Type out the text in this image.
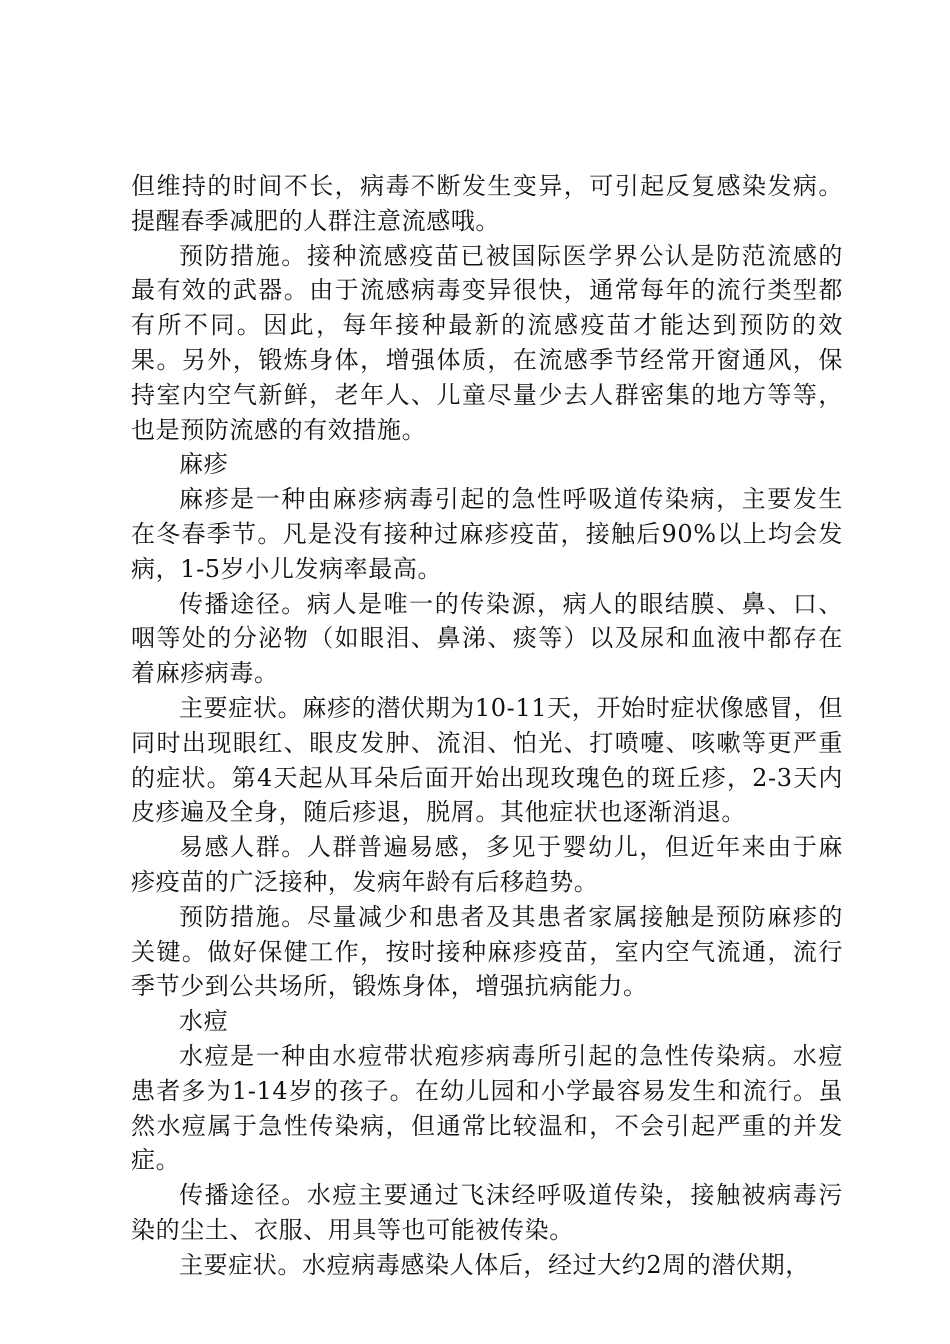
但维持的时间不长，病毒不断发生变异，可引起反复感染发病。提醒春季减肥的人群注意流感哦。

预防措施。接种流感疫苗已被国际医学界公认是防范流感的最有效的武器。由于流感病毒变异很快，通常每年的流行类型都有所不同。因此，每年接种最新的流感疫苗才能达到预防的效果。另外，锻炼身体，增强体质，在流感季节经常开窗通风，保持室内空气新鲜，老年人、儿童尽量少去人群密集的地方等等，也是预防流感的有效措施。

麻疹

麻疹是一种由麻疹病毒引起的急性呼吸道传染病，主要发生在冬春季节。凡是没有接种过麻疹疫苗，接触后90%以上均会发病，1-5岁小儿发病率最高。

传播途径。病人是唯一的传染源，病人的眼结膜、鼻、口、咽等处的分泌物（如眼泪、鼻涕、痰等）以及尿和血液中都存在着麻疹病毒。

主要症状。麻疹的潜伏期为10-11天，开始时症状像感冒，但同时出现眼红、眼皮发肿、流泪、怕光、打喷嚏、咳嗽等更严重的症状。第4天起从耳朵后面开始出现玫瑰色的斑丘疹，2-3天内皮疹遍及全身，随后疹退，脱屑。其他症状也逐渐消退。

易感人群。人群普遍易感，多见于婴幼儿，但近年来由于麻疹疫苗的广泛接种，发病年龄有后移趋势。

预防措施。尽量减少和患者及其患者家属接触是预防麻疹的关键。做好保健工作，按时接种麻疹疫苗，室内空气流通，流行季节少到公共场所，锻炼身体，增强抗病能力。

水痘

水痘是一种由水痘带状疱疹病毒所引起的急性传染病。水痘患者多为1-14岁的孩子。在幼儿园和小学最容易发生和流行。虽然水痘属于急性传染病，但通常比较温和，不会引起严重的并发症。

传播途径。水痘主要通过飞沫经呼吸道传染，接触被病毒污染的尘土、衣服、用具等也可能被传染。

主要症状。水痘病毒感染人体后，经过大约2周的潜伏期，
